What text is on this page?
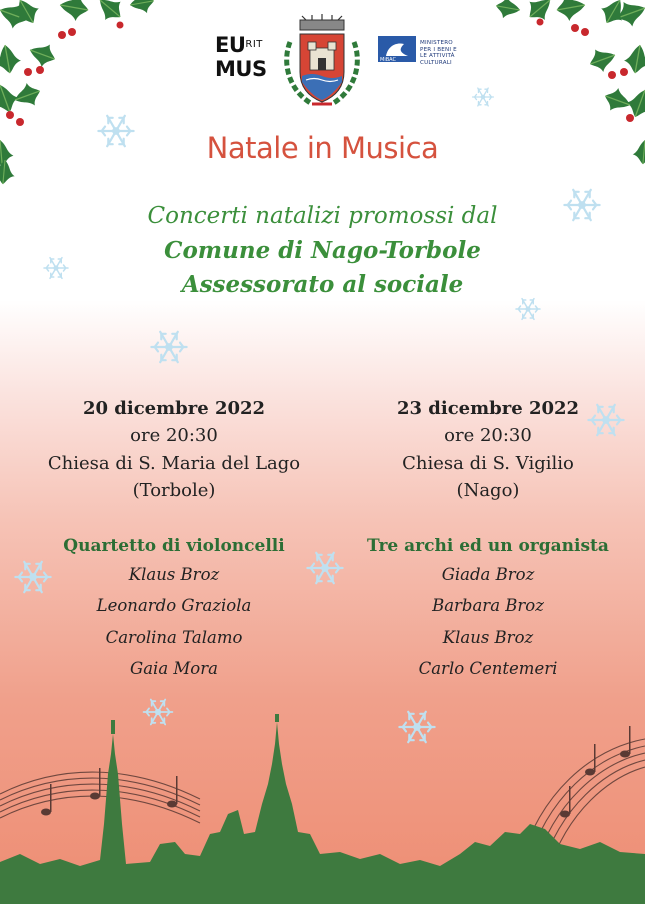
$EU^{RIT}$
MUS	MiBAC
MINISTERO
PER I BENI E
LE ATTIVITÀ
CULTURALI
Natale in Musica
Concerti natalizi promossi dal
Comune di Nago-Torbole
Assessorato al sociale
20 dicembre 2022
ore 20:30
Chiesa di S. Maria del Lago
(Torbole)
Quartetto di violoncelli
Klaus Broz
Leonardo Graziola
Carolina Talamo
Gaia Mora
23 dicembre 2022
ore 20:30
Chiesa di S. Vigilio
(Nago)
Tre archi ed un organista
Giada Broz
Barbara Broz
Klaus Broz
Carlo Centemeri
